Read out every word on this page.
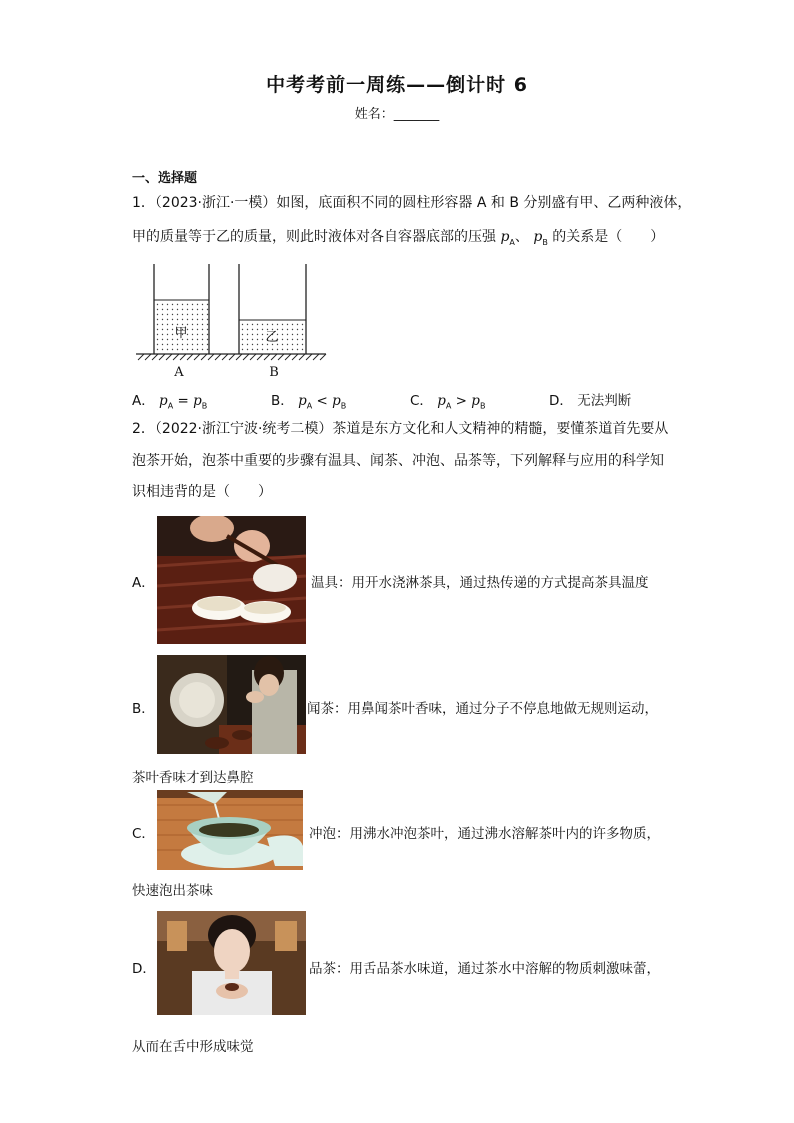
中考考前一周练——倒计时 6
姓名：_______
一、选择题
1．（2023·浙江·一模）如图，底面积不同的圆柱形容器 A 和 B 分别盛有甲、乙两种液体，
甲的质量等于乙的质量，则此时液体对各自容器底部的压强 $p_A$、 $p_B$ 的关系是（　　）
甲	乙
A	B
A． $p_A = p_B$	B． $p_A < p_B$	C． $p_A > p_B$	D． 无法判断
2．（2022·浙江宁波·统考二模）茶道是东方文化和人文精神的精髓，要懂茶道首先要从
泡茶开始，泡茶中重要的步骤有温具、闻茶、冲泡、品茶等，下列解释与应用的科学知
识相违背的是（　　）
A．	温具：用开水浇淋茶具，通过热传递的方式提高茶具温度
B．	闻茶：用鼻闻茶叶香味，通过分子不停息地做无规则运动，
茶叶香味才到达鼻腔
C．	冲泡：用沸水冲泡茶叶，通过沸水溶解茶叶内的许多物质，
快速泡出茶味
D．	品茶：用舌品茶水味道，通过茶水中溶解的物质刺激味蕾，
从而在舌中形成味觉
